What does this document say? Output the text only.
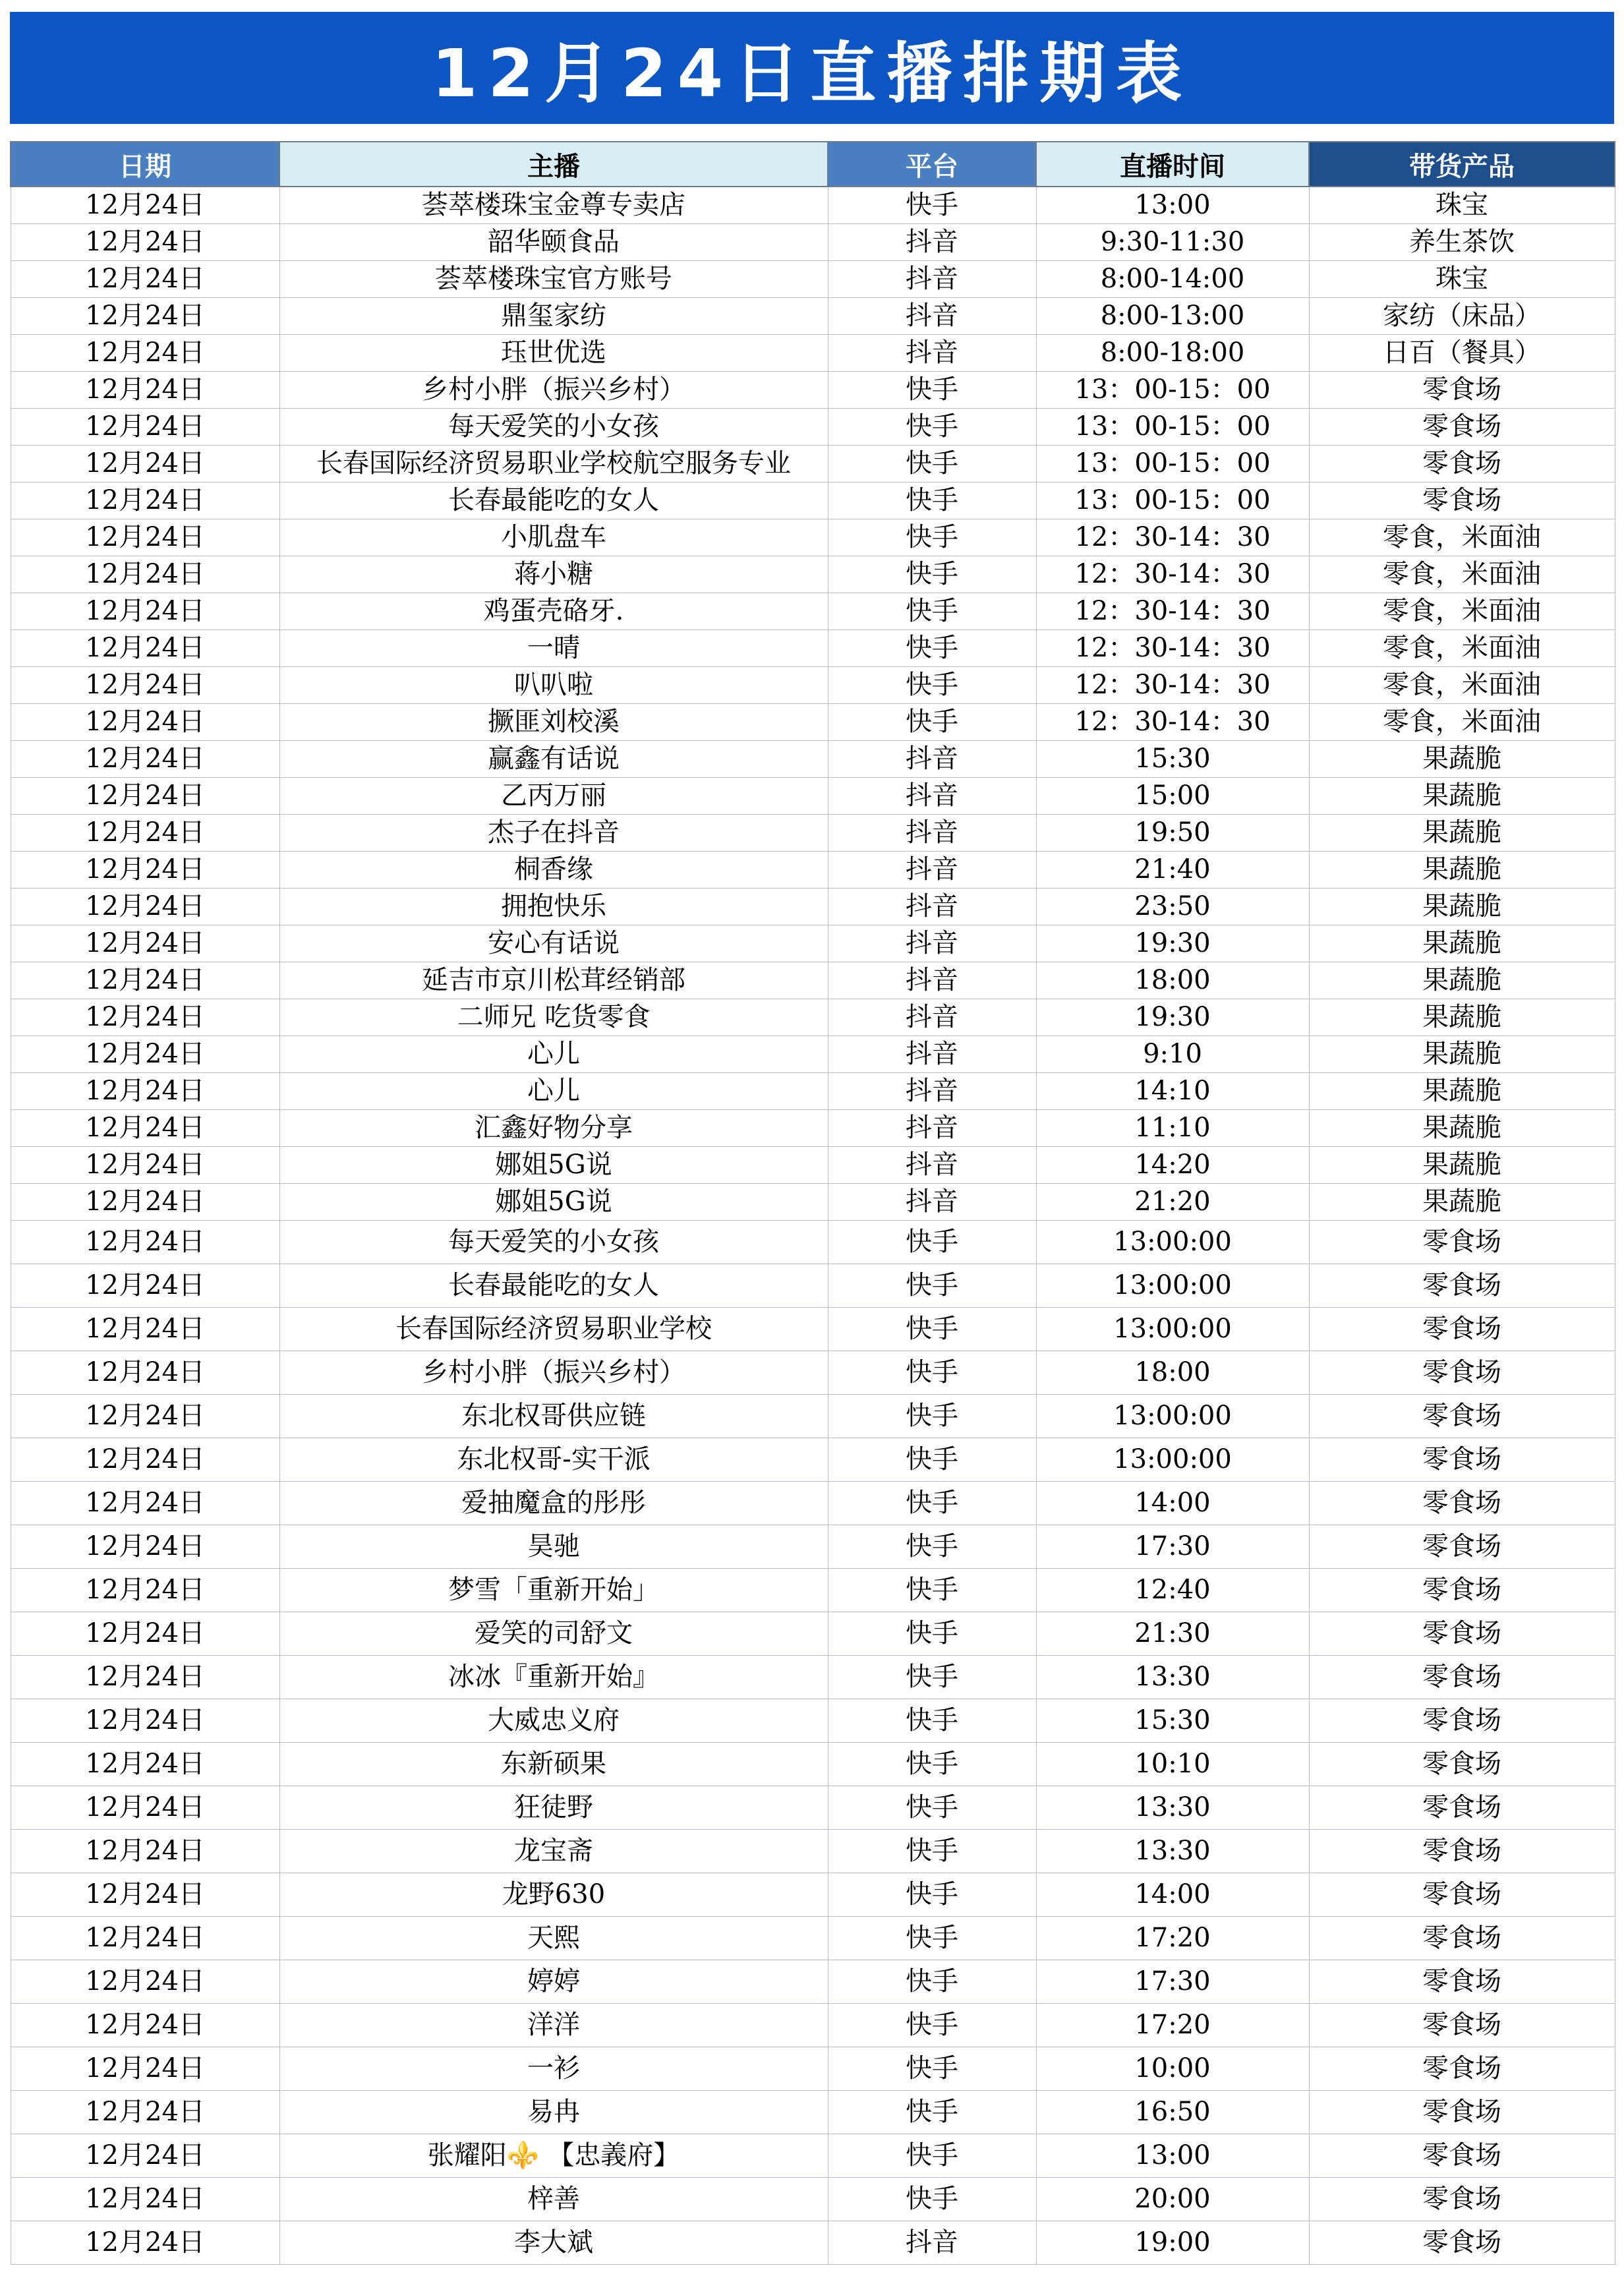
12月24日直播排期表
日期	主播	平台	直播时间	带货产品
12月24日	荟萃楼珠宝金尊专卖店	快手	13:00	珠宝
12月24日	韶华颐食品	抖音	9:30-11:30	养生茶饮
12月24日	荟萃楼珠宝官方账号	抖音	8:00-14:00	珠宝
12月24日	鼎玺家纺	抖音	8:00-13:00	家纺（床品）
12月24日	珏世优选	抖音	8:00-18:00	日百（餐具）
12月24日	乡村小胖（振兴乡村）	快手	13：00-15：00	零食场
12月24日	每天爱笑的小女孩	快手	13：00-15：00	零食场
12月24日	长春国际经济贸易职业学校航空服务专业	快手	13：00-15：00	零食场
12月24日	长春最能吃的女人	快手	13：00-15：00	零食场
12月24日	小肌盘车	快手	12：30-14：30	零食，米面油
12月24日	蒋小糖	快手	12：30-14：30	零食，米面油
12月24日	鸡蛋壳硌牙.	快手	12：30-14：30	零食，米面油
12月24日	一晴	快手	12：30-14：30	零食，米面油
12月24日	叭叭啦	快手	12：30-14：30	零食，米面油
12月24日	撅匪刘校溪	快手	12：30-14：30	零食，米面油
12月24日	赢鑫有话说	抖音	15:30	果蔬脆
12月24日	乙丙万丽	抖音	15:00	果蔬脆
12月24日	杰子在抖音	抖音	19:50	果蔬脆
12月24日	桐香缘	抖音	21:40	果蔬脆
12月24日	拥抱快乐	抖音	23:50	果蔬脆
12月24日	安心有话说	抖音	19:30	果蔬脆
12月24日	延吉市京川松茸经销部	抖音	18:00	果蔬脆
12月24日	二师兄 吃货零食	抖音	19:30	果蔬脆
12月24日	心儿	抖音	9:10	果蔬脆
12月24日	心儿	抖音	14:10	果蔬脆
12月24日	汇鑫好物分享	抖音	11:10	果蔬脆
12月24日	娜姐5G说	抖音	14:20	果蔬脆
12月24日	娜姐5G说	抖音	21:20	果蔬脆
12月24日	每天爱笑的小女孩	快手	13:00:00	零食场
12月24日	长春最能吃的女人	快手	13:00:00	零食场
12月24日	长春国际经济贸易职业学校	快手	13:00:00	零食场
12月24日	乡村小胖（振兴乡村）	快手	18:00	零食场
12月24日	东北权哥供应链	快手	13:00:00	零食场
12月24日	东北权哥-实干派	快手	13:00:00	零食场
12月24日	爱抽魔盒的彤彤	快手	14:00	零食场
12月24日	昊驰	快手	17:30	零食场
12月24日	梦雪「重新开始」	快手	12:40	零食场
12月24日	爱笑的司舒文	快手	21:30	零食场
12月24日	冰冰『重新开始』	快手	13:30	零食场
12月24日	大威忠义府	快手	15:30	零食场
12月24日	东新硕果	快手	10:10	零食场
12月24日	狂徒野	快手	13:30	零食场
12月24日	龙宝斋	快手	13:30	零食场
12月24日	龙野630	快手	14:00	零食场
12月24日	天熙	快手	17:20	零食场
12月24日	婷婷	快手	17:30	零食场
12月24日	洋洋	快手	17:20	零食场
12月24日	一衫	快手	10:00	零食场
12月24日	易冉	快手	16:50	零食场
12月24日	张耀阳⚜️ 【忠義府】	快手	13:00	零食场
12月24日	梓善	快手	20:00	零食场
12月24日	李大斌	抖音	19:00	零食场
